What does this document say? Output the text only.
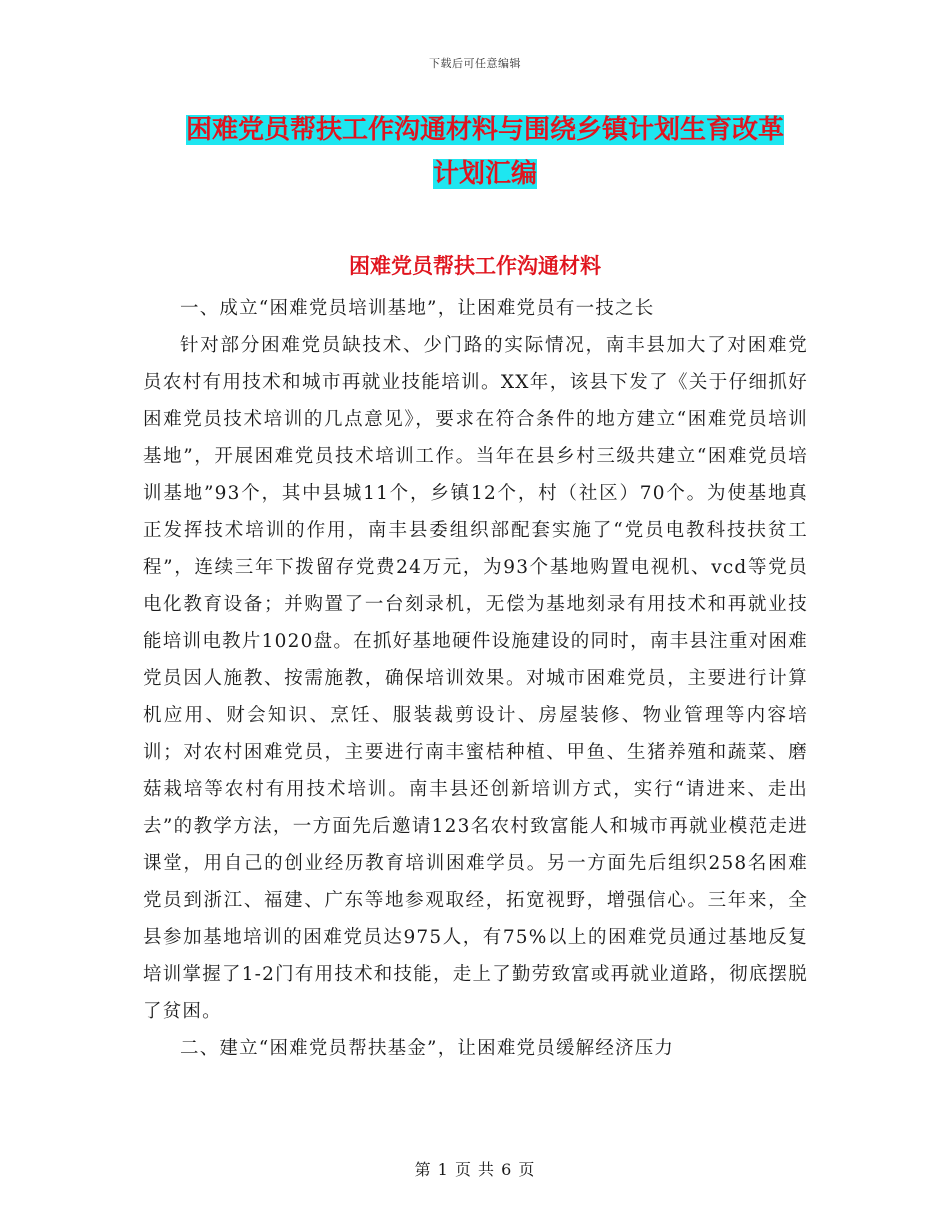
下载后可任意编辑
困难党员帮扶工作沟通材料与围绕乡镇计划生育改革
计划汇编
困难党员帮扶工作沟通材料

一、成立“困难党员培训基地”，让困难党员有一技之长

针对部分困难党员缺技术、少门路的实际情况，南丰县加大了对困难党员农村有用技术和城市再就业技能培训。XX年，该县下发了《关于仔细抓好困难党员技术培训的几点意见》，要求在符合条件的地方建立“困难党员培训基地”，开展困难党员技术培训工作。当年在县乡村三级共建立“困难党员培训基地”93个，其中县城11个，乡镇12个，村（社区）70个。为使基地真正发挥技术培训的作用，南丰县委组织部配套实施了“党员电教科技扶贫工程”，连续三年下拨留存党费24万元，为93个基地购置电视机、vcd等党员电化教育设备；并购置了一台刻录机，无偿为基地刻录有用技术和再就业技能培训电教片1020盘。在抓好基地硬件设施建设的同时，南丰县注重对困难党员因人施教、按需施教，确保培训效果。对城市困难党员，主要进行计算机应用、财会知识、烹饪、服装裁剪设计、房屋装修、物业管理等内容培训；对农村困难党员，主要进行南丰蜜桔种植、甲鱼、生猪养殖和蔬菜、磨菇栽培等农村有用技术培训。南丰县还创新培训方式，实行“请进来、走出去”的教学方法，一方面先后邀请123名农村致富能人和城市再就业模范走进课堂，用自己的创业经历教育培训困难学员。另一方面先后组织258名困难党员到浙江、福建、广东等地参观取经，拓宽视野，增强信心。三年来，全县参加基地培训的困难党员达975人，有75%以上的困难党员通过基地反复培训掌握了1-2门有用技术和技能，走上了勤劳致富或再就业道路，彻底摆脱了贫困。

二、建立“困难党员帮扶基金”，让困难党员缓解经济压力

第 1 页 共 6 页
